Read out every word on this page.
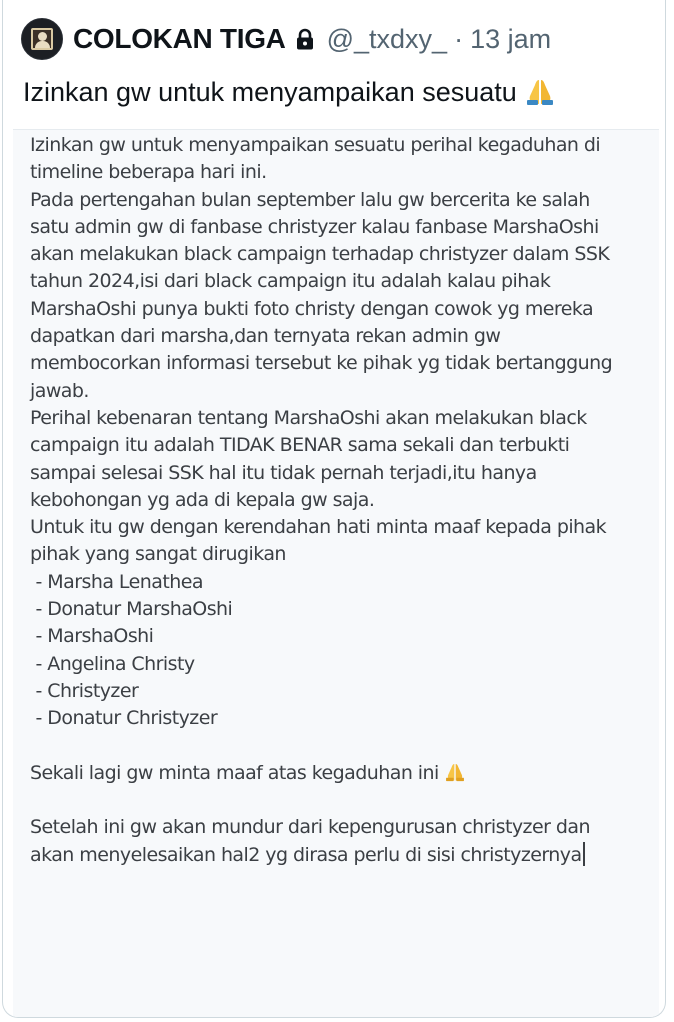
COLOKAN TIGA @_txdxy_ · 13 jam
Izinkan gw untuk menyampaikan sesuatu
Izinkan gw untuk menyampaikan sesuatu perihal kegaduhan di
timeline beberapa hari ini.
Pada pertengahan bulan september lalu gw bercerita ke salah
satu admin gw di fanbase christyzer kalau fanbase MarshaOshi
akan melakukan black campaign terhadap christyzer dalam SSK
tahun 2024,isi dari black campaign itu adalah kalau pihak
MarshaOshi punya bukti foto christy dengan cowok yg mereka
dapatkan dari marsha,dan ternyata rekan admin gw
membocorkan informasi tersebut ke pihak yg tidak bertanggung
jawab.
Perihal kebenaran tentang MarshaOshi akan melakukan black
campaign itu adalah TIDAK BENAR sama sekali dan terbukti
sampai selesai SSK hal itu tidak pernah terjadi,itu hanya
kebohongan yg ada di kepala gw saja.
Untuk itu gw dengan kerendahan hati minta maaf kepada pihak
pihak yang sangat dirugikan
- Marsha Lenathea
- Donatur MarshaOshi
- MarshaOshi
- Angelina Christy
- Christyzer
- Donatur Christyzer

Sekali lagi gw minta maaf atas kegaduhan ini

Setelah ini gw akan mundur dari kepengurusan christyzer dan
akan menyelesaikan hal2 yg dirasa perlu di sisi christyzernya
